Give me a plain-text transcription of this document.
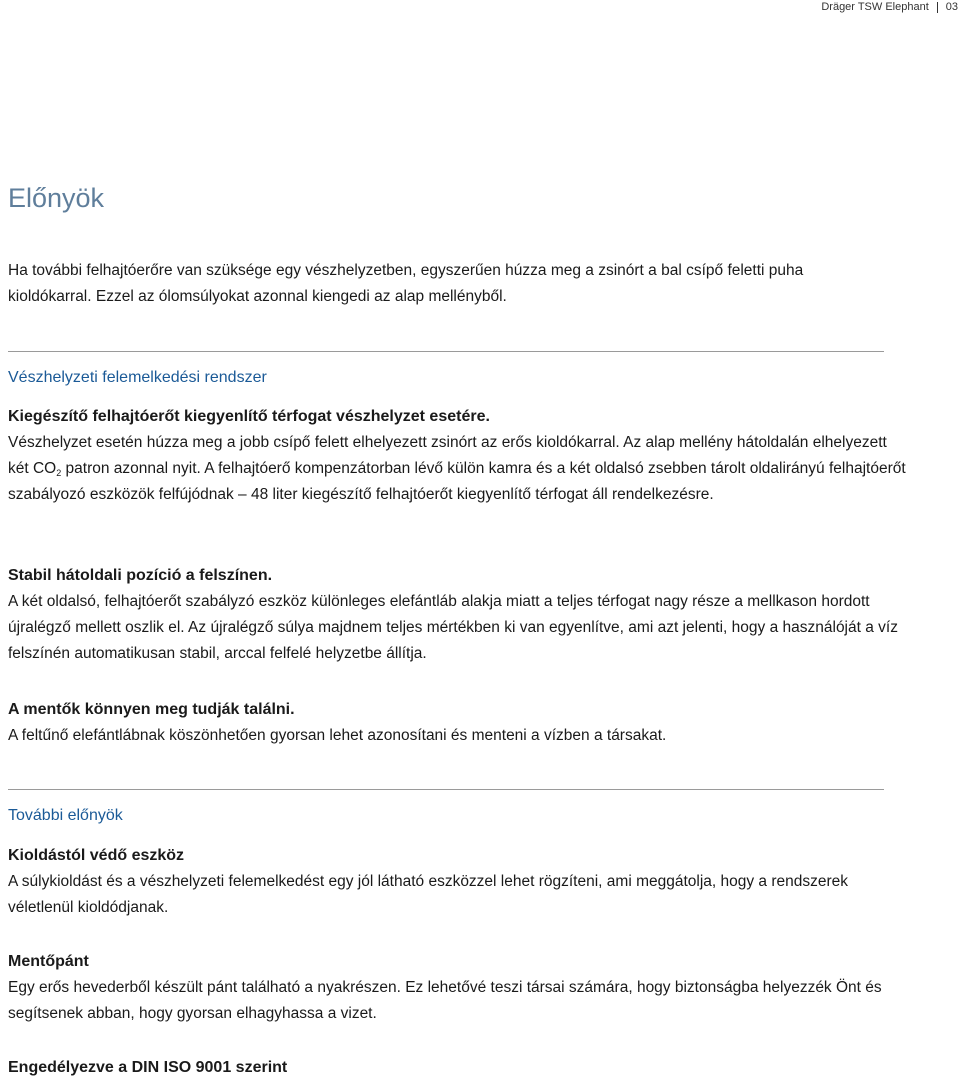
Dräger TSW Elephant 03
Előnyök

Ha további felhajtóerőre van szüksége egy vészhelyzetben, egyszerűen húzza meg a zsinórt a bal csípő feletti puha kioldókarral. Ezzel az ólomsúlyokat azonnal kiengedi az alap mellényből.

Vészhelyzeti felemelkedési rendszer

Kiegészítő felhajtóerőt kiegyenlítő térfogat vészhelyzet esetére.

Vészhelyzet esetén húzza meg a jobb csípő felett elhelyezett zsinórt az erős kioldókarral. Az alap mellény hátoldalán elhelyezett két $CO_2$ patron azonnal nyit. A felhajtóerő kompenzátorban lévő külön kamra és a két oldalsó zsebben tárolt oldalirányú felhajtóerőt szabályozó eszközök felfújódnak – 48 liter kiegészítő felhajtóerőt kiegyenlítő térfogat áll rendelkezésre.

Stabil hátoldali pozíció a felszínen.

A két oldalsó, felhajtóerőt szabályzó eszköz különleges elefántláb alakja miatt a teljes térfogat nagy része a mellkason hordott újralégző mellett oszlik el. Az újralégző súlya majdnem teljes mértékben ki van egyenlítve, ami azt jelenti, hogy a használóját a víz felszínén automatikusan stabil, arccal felfelé helyzetbe állítja.

A mentők könnyen meg tudják találni.

A feltűnő elefántlábnak köszönhetően gyorsan lehet azonosítani és menteni a vízben a társakat.

További előnyök

Kioldástól védő eszköz

A súlykioldást és a vészhelyzeti felemelkedést egy jól látható eszközzel lehet rögzíteni, ami meggátolja, hogy a rendszerek véletlenül kioldódjanak.

Mentőpánt

Egy erős hevederből készült pánt található a nyakrészen. Ez lehetővé teszi társai számára, hogy biztonságba helyezzék Önt és segítsenek abban, hogy gyorsan elhagyhassa a vizet.

Engedélyezve a DIN ISO 9001 szerint
